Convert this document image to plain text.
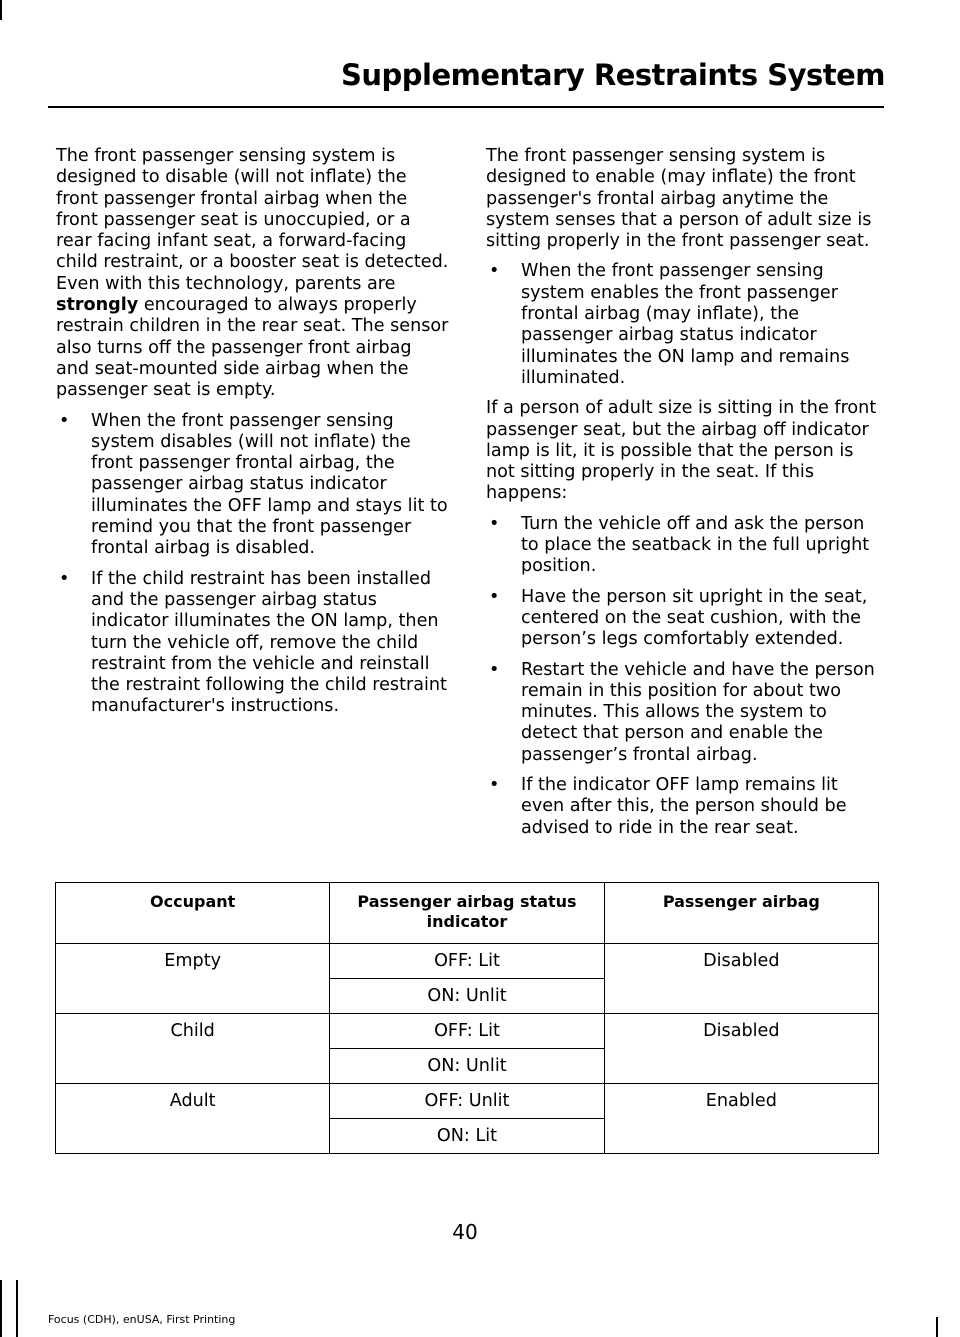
Supplementary Restraints System

The front passenger sensing system is designed to disable (will not inflate) the front passenger frontal airbag when the front passenger seat is unoccupied, or a rear facing infant seat, a forward-facing child restraint, or a booster seat is detected. Even with this technology, parents are strongly encouraged to always properly restrain children in the rear seat. The sensor also turns off the passenger front airbag and seat-mounted side airbag when the passenger seat is empty.

• When the front passenger sensing system disables (will not inflate) the front passenger frontal airbag, the passenger airbag status indicator illuminates the OFF lamp and stays lit to remind you that the front passenger frontal airbag is disabled.
• If the child restraint has been installed and the passenger airbag status indicator illuminates the ON lamp, then turn the vehicle off, remove the child restraint from the vehicle and reinstall the restraint following the child restraint manufacturer's instructions.

The front passenger sensing system is designed to enable (may inflate) the front passenger's frontal airbag anytime the system senses that a person of adult size is sitting properly in the front passenger seat.

• When the front passenger sensing system enables the front passenger frontal airbag (may inflate), the passenger airbag status indicator illuminates the ON lamp and remains illuminated.

If a person of adult size is sitting in the front passenger seat, but the airbag off indicator lamp is lit, it is possible that the person is not sitting properly in the seat. If this happens:

• Turn the vehicle off and ask the person to place the seatback in the full upright position.
• Have the person sit upright in the seat, centered on the seat cushion, with the person’s legs comfortably extended.
• Restart the vehicle and have the person remain in this position for about two minutes. This allows the system to detect that person and enable the passenger’s frontal airbag.
• If the indicator OFF lamp remains lit even after this, the person should be advised to ride in the rear seat.
Occupant	Passenger airbag status indicator	Passenger airbag
Empty	OFF: Lit	Disabled
	ON: Unlit	
Child	OFF: Lit	Disabled
	ON: Unlit	
Adult	OFF: Unlit	Enabled
	ON: Lit	
40
Focus (CDH), enUSA, First Printing
